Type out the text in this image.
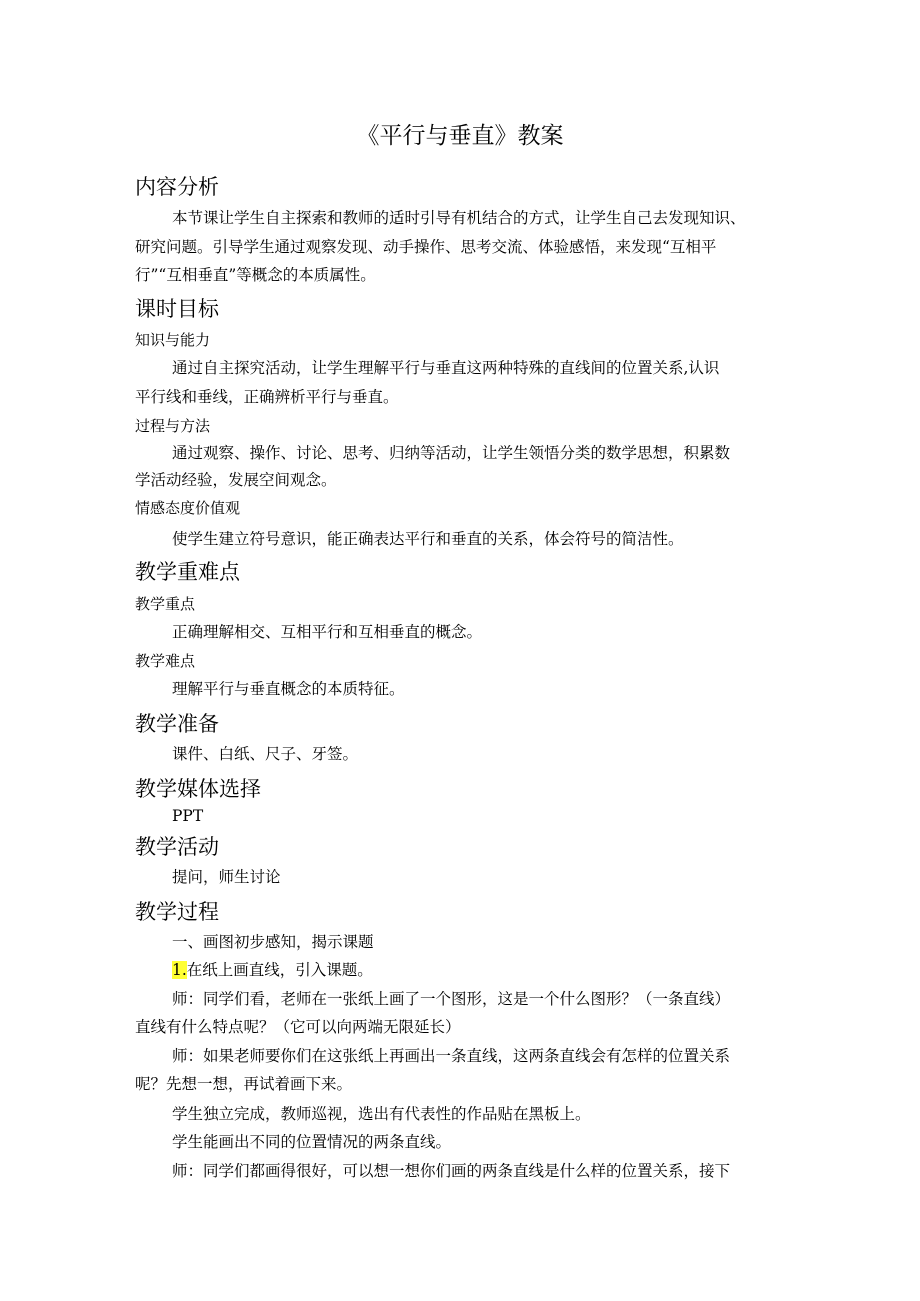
《平行与垂直》教案
内容分析
本节课让学生自主探索和教师的适时引导有机结合的方式，让学生自己去发现知识、
研究问题。引导学生通过观察发现、动手操作、思考交流、体验感悟，来发现“互相平
行”“互相垂直”等概念的本质属性。
课时目标
知识与能力
通过自主探究活动，让学生理解平行与垂直这两种特殊的直线间的位置关系,认识
平行线和垂线，正确辨析平行与垂直。
过程与方法
通过观察、操作、讨论、思考、归纳等活动，让学生领悟分类的数学思想，积累数
学活动经验，发展空间观念。
情感态度价值观
使学生建立符号意识，能正确表达平行和垂直的关系，体会符号的简洁性。
教学重难点
教学重点
正确理解相交、互相平行和互相垂直的概念。
教学难点
理解平行与垂直概念的本质特征。
教学准备
课件、白纸、尺子、牙签。
教学媒体选择
PPT
教学活动
提问，师生讨论
教学过程
一、画图初步感知，揭示课题
1.在纸上画直线，引入课题。
师：同学们看，老师在一张纸上画了一个图形，这是一个什么图形？（一条直线）
直线有什么特点呢？（它可以向两端无限延长）
师：如果老师要你们在这张纸上再画出一条直线，这两条直线会有怎样的位置关系
呢？先想一想，再试着画下来。
学生独立完成，教师巡视，选出有代表性的作品贴在黑板上。
学生能画出不同的位置情况的两条直线。
师：同学们都画得很好，可以想一想你们画的两条直线是什么样的位置关系，接下
